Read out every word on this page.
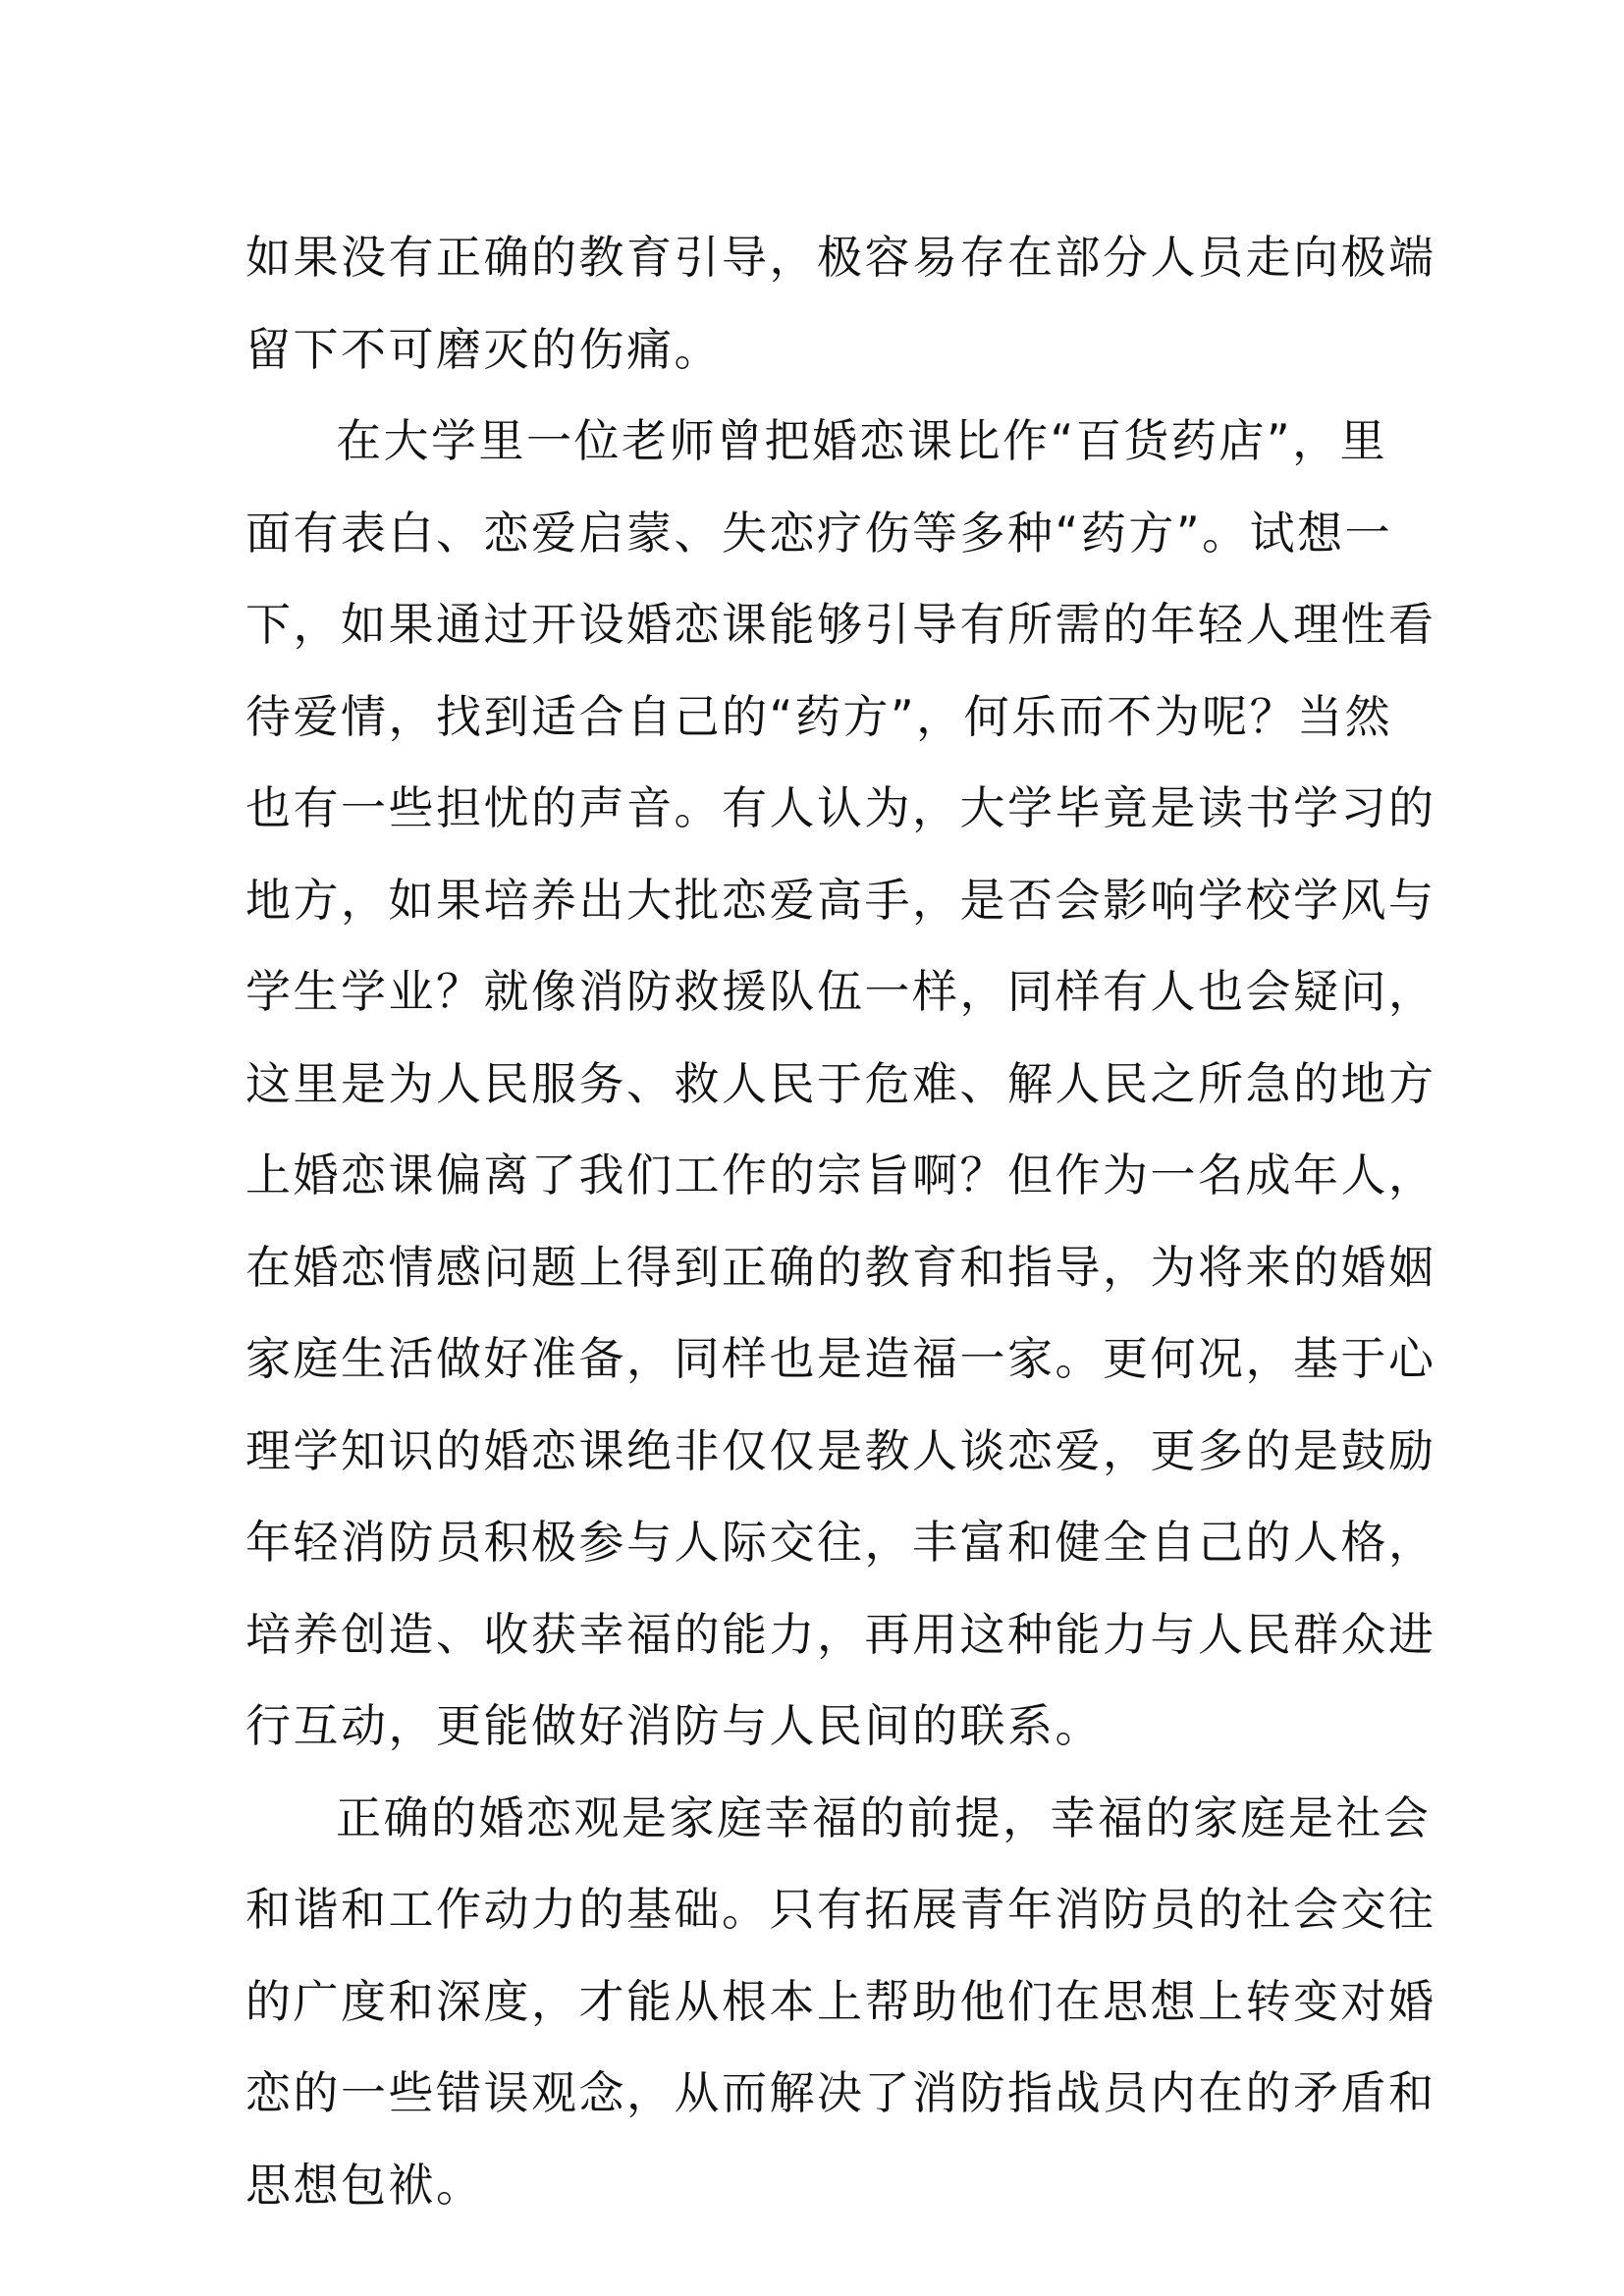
如果没有正确的教育引导，极容易存在部分人员走向极端
留下不可磨灭的伤痛。
在大学里一位老师曾把婚恋课比作“百货药店”，里
面有表白、恋爱启蒙、失恋疗伤等多种“药方”。试想一
下，如果通过开设婚恋课能够引导有所需的年轻人理性看
待爱情，找到适合自己的“药方”，何乐而不为呢？当然
也有一些担忧的声音。有人认为，大学毕竟是读书学习的
地方，如果培养出大批恋爱高手，是否会影响学校学风与
学生学业？就像消防救援队伍一样，同样有人也会疑问，
这里是为人民服务、救人民于危难、解人民之所急的地方
上婚恋课偏离了我们工作的宗旨啊？但作为一名成年人，
在婚恋情感问题上得到正确的教育和指导，为将来的婚姻
家庭生活做好准备，同样也是造福一家。更何况，基于心
理学知识的婚恋课绝非仅仅是教人谈恋爱，更多的是鼓励
年轻消防员积极参与人际交往，丰富和健全自己的人格，
培养创造、收获幸福的能力，再用这种能力与人民群众进
行互动，更能做好消防与人民间的联系。
正确的婚恋观是家庭幸福的前提，幸福的家庭是社会
和谐和工作动力的基础。只有拓展青年消防员的社会交往
的广度和深度，才能从根本上帮助他们在思想上转变对婚
恋的一些错误观念，从而解决了消防指战员内在的矛盾和
思想包袱。
